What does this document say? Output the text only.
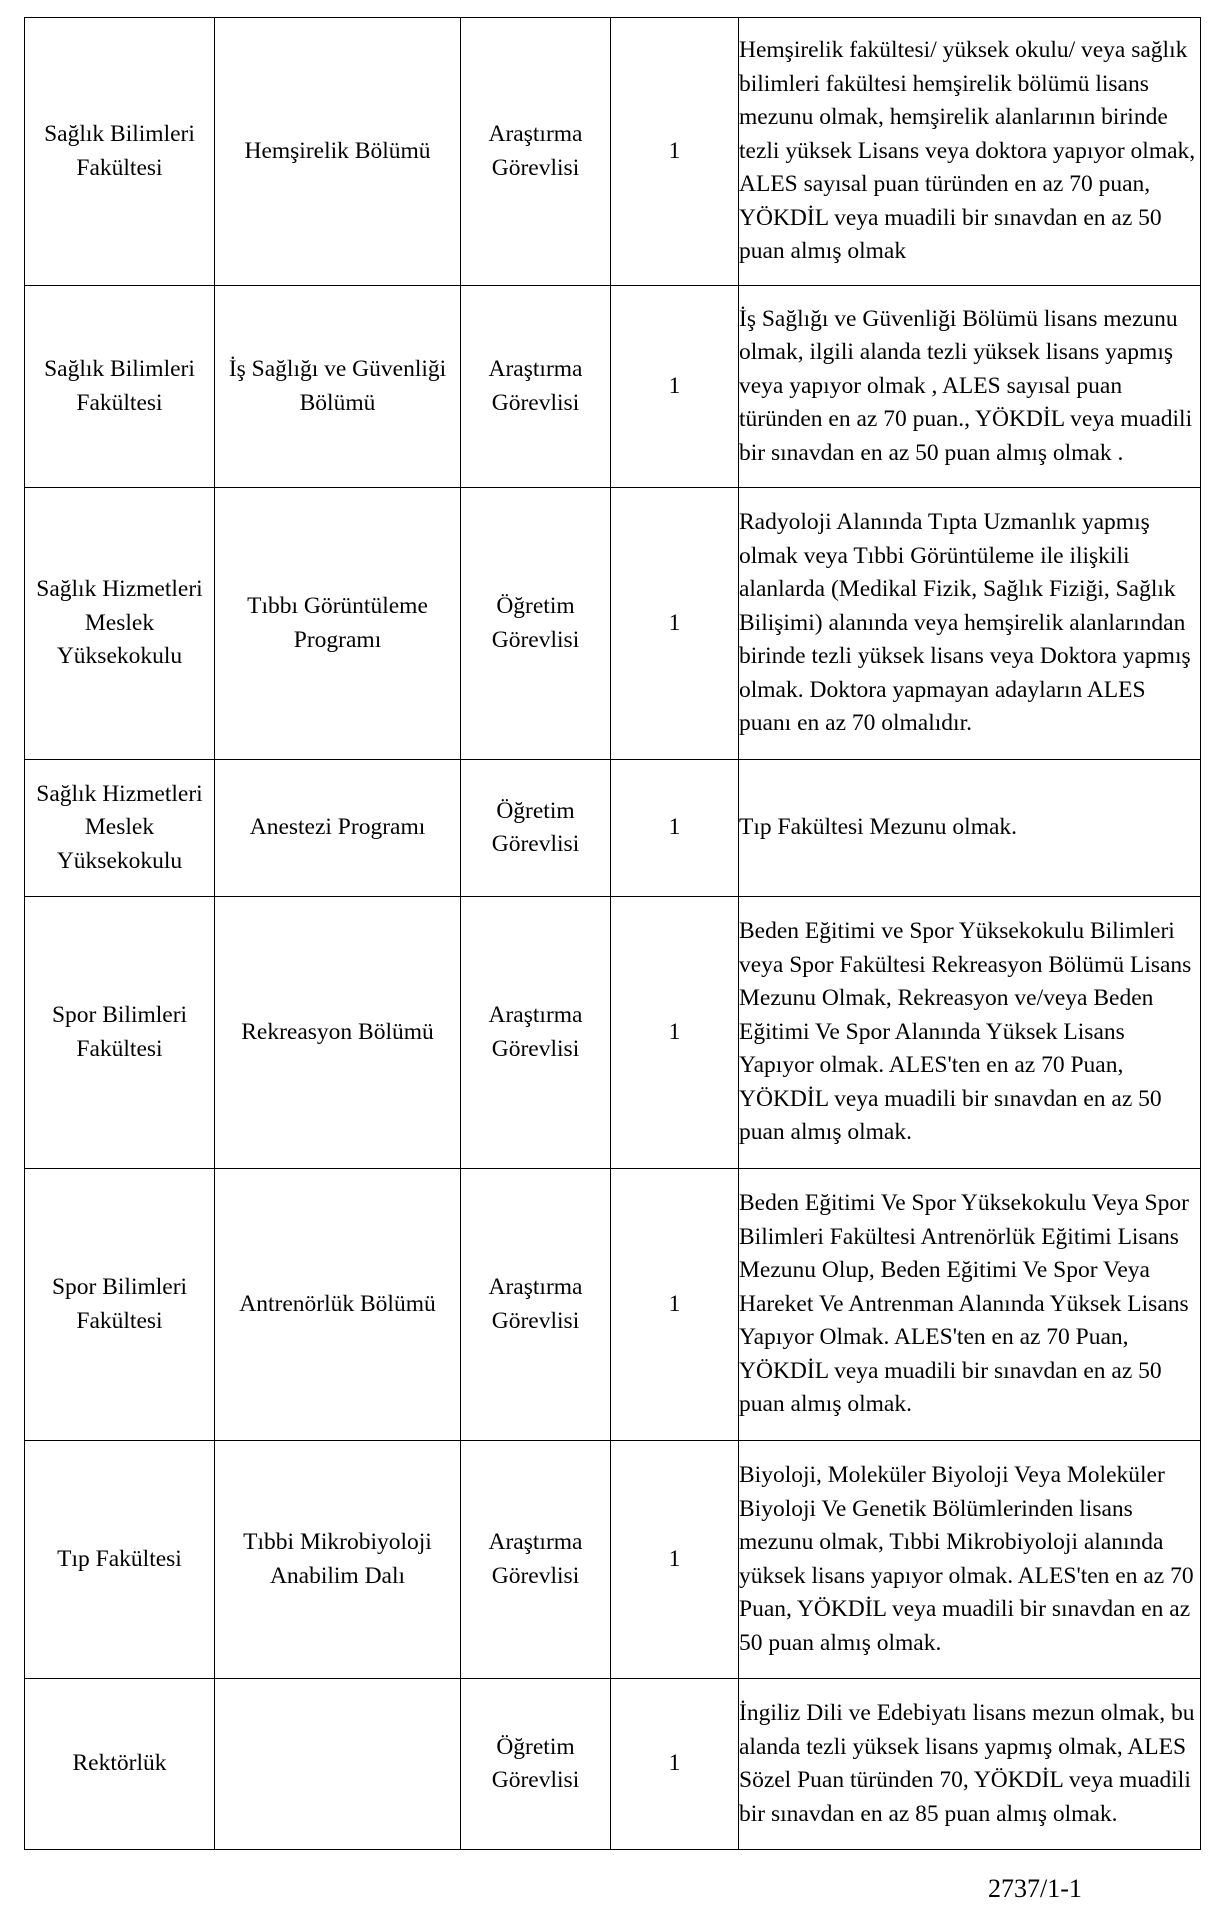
Sağlık Bilimleri Fakültesi	Hemşirelik Bölümü	Araştırma Görevlisi	1	Hemşirelik fakültesi/ yüksek okulu/ veya sağlık bilimleri fakültesi hemşirelik bölümü lisans mezunu olmak, hemşirelik alanlarının birinde tezli yüksek Lisans veya doktora yapıyor olmak, ALES sayısal puan türünden en az 70 puan, YÖKDİL veya muadili bir sınavdan en az 50 puan almış olmak
Sağlık Bilimleri Fakültesi	İş Sağlığı ve Güvenliği Bölümü	Araştırma Görevlisi	1	İş Sağlığı ve Güvenliği Bölümü lisans mezunu olmak, ilgili alanda tezli yüksek lisans yapmış veya yapıyor olmak , ALES sayısal puan türünden en az 70 puan., YÖKDİL veya muadili bir sınavdan en az 50 puan almış olmak .
Sağlık Hizmetleri Meslek Yüksekokulu	Tıbbı Görüntüleme Programı	Öğretim Görevlisi	1	Radyoloji Alanında Tıpta Uzmanlık yapmış olmak veya Tıbbi Görüntüleme ile ilişkili alanlarda (Medikal Fizik, Sağlık Fiziği, Sağlık Bilişimi) alanında veya hemşirelik alanlarından birinde tezli yüksek lisans veya Doktora yapmış olmak. Doktora yapmayan adayların ALES puanı en az 70 olmalıdır.
Sağlık Hizmetleri Meslek Yüksekokulu	Anestezi Programı	Öğretim Görevlisi	1	Tıp Fakültesi Mezunu olmak.
Spor Bilimleri Fakültesi	Rekreasyon Bölümü	Araştırma Görevlisi	1	Beden Eğitimi ve Spor Yüksekokulu Bilimleri veya Spor Fakültesi Rekreasyon Bölümü Lisans Mezunu Olmak, Rekreasyon ve/veya Beden Eğitimi Ve Spor Alanında Yüksek Lisans Yapıyor olmak. ALES'ten en az 70 Puan, YÖKDİL veya muadili bir sınavdan en az 50 puan almış olmak.
Spor Bilimleri Fakültesi	Antrenörlük Bölümü	Araştırma Görevlisi	1	Beden Eğitimi Ve Spor Yüksekokulu Veya Spor Bilimleri Fakültesi Antrenörlük Eğitimi Lisans Mezunu Olup, Beden Eğitimi Ve Spor Veya Hareket Ve Antrenman Alanında Yüksek Lisans Yapıyor Olmak. ALES'ten en az 70 Puan, YÖKDİL veya muadili bir sınavdan en az 50 puan almış olmak.
Tıp Fakültesi	Tıbbi Mikrobiyoloji Anabilim Dalı	Araştırma Görevlisi	1	Biyoloji, Moleküler Biyoloji Veya Moleküler Biyoloji Ve Genetik Bölümlerinden lisans mezunu olmak, Tıbbi Mikrobiyoloji alanında yüksek lisans yapıyor olmak. ALES'ten en az 70 Puan, YÖKDİL veya muadili bir sınavdan en az 50 puan almış olmak.
Rektörlük		Öğretim Görevlisi	1	İngiliz Dili ve Edebiyatı lisans mezun olmak, bu alanda tezli yüksek lisans yapmış olmak, ALES Sözel Puan türünden 70, YÖKDİL veya muadili bir sınavdan en az 85 puan almış olmak.
2737/1-1
